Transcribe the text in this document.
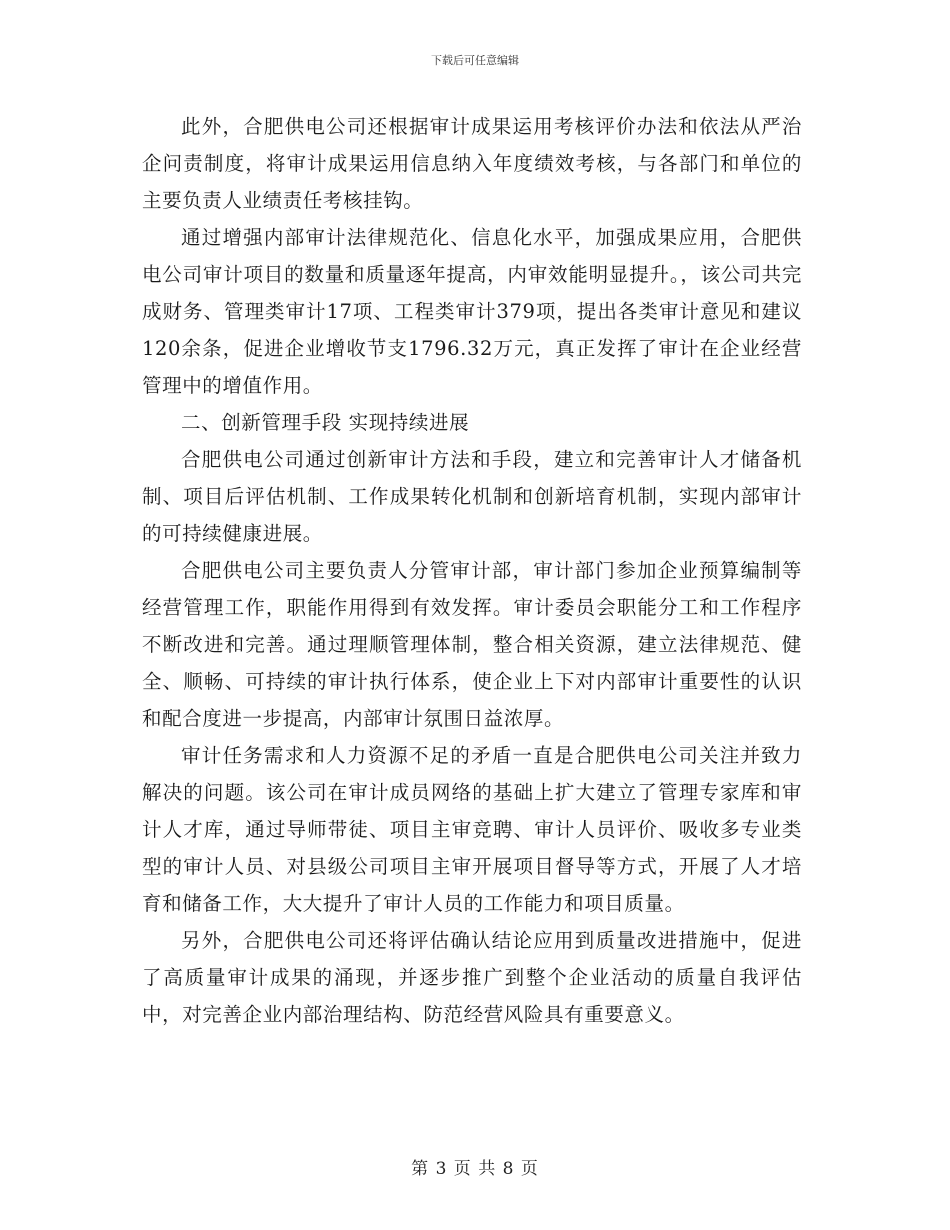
下载后可任意编辑

此外，合肥供电公司还根据审计成果运用考核评价办法和依法从严治企问责制度，将审计成果运用信息纳入年度绩效考核，与各部门和单位的主要负责人业绩责任考核挂钩。

通过增强内部审计法律规范化、信息化水平，加强成果应用，合肥供电公司审计项目的数量和质量逐年提高，内审效能明显提升。，该公司共完成财务、管理类审计17项、工程类审计379项，提出各类审计意见和建议120余条，促进企业增收节支1796.32万元，真正发挥了审计在企业经营管理中的增值作用。

二、创新管理手段 实现持续进展

合肥供电公司通过创新审计方法和手段，建立和完善审计人才储备机制、项目后评估机制、工作成果转化机制和创新培育机制，实现内部审计的可持续健康进展。

合肥供电公司主要负责人分管审计部，审计部门参加企业预算编制等经营管理工作，职能作用得到有效发挥。审计委员会职能分工和工作程序不断改进和完善。通过理顺管理体制，整合相关资源，建立法律规范、健全、顺畅、可持续的审计执行体系，使企业上下对内部审计重要性的认识和配合度进一步提高，内部审计氛围日益浓厚。

审计任务需求和人力资源不足的矛盾一直是合肥供电公司关注并致力解决的问题。该公司在审计成员网络的基础上扩大建立了管理专家库和审计人才库，通过导师带徒、项目主审竞聘、审计人员评价、吸收多专业类型的审计人员、对县级公司项目主审开展项目督导等方式，开展了人才培育和储备工作，大大提升了审计人员的工作能力和项目质量。

另外，合肥供电公司还将评估确认结论应用到质量改进措施中，促进了高质量审计成果的涌现，并逐步推广到整个企业活动的质量自我评估中，对完善企业内部治理结构、防范经营风险具有重要意义。

第 3 页 共 8 页
